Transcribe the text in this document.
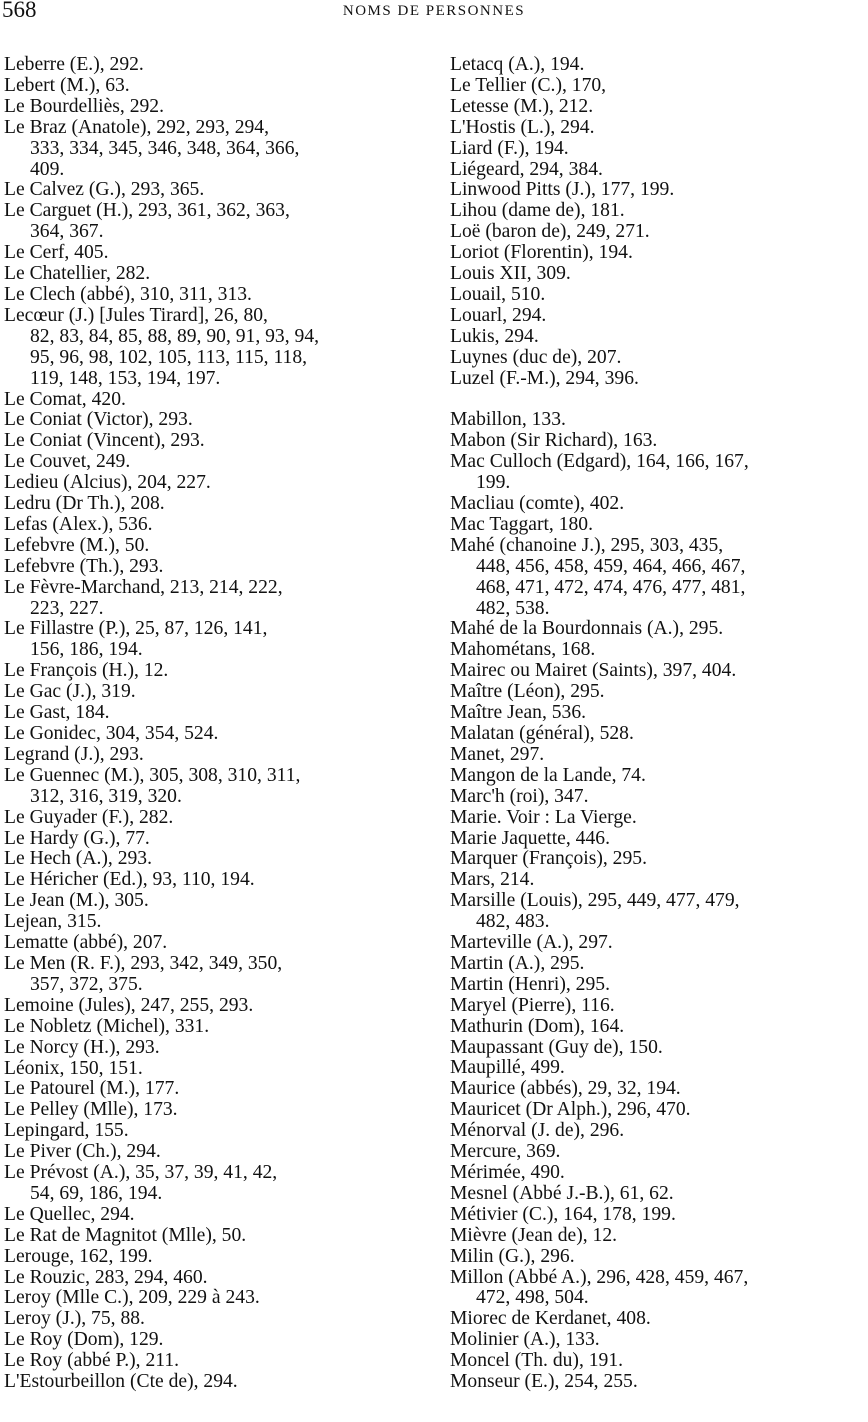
568	NOMS DE PERSONNES
Leberre (E.), 292.
Lebert (M.), 63.
Le Bourdelliès, 292.
Le Braz (Anatole), 292, 293, 294,
333, 334, 345, 346, 348, 364, 366,
409.
Le Calvez (G.), 293, 365.
Le Carguet (H.), 293, 361, 362, 363,
364, 367.
Le Cerf, 405.
Le Chatellier, 282.
Le Clech (abbé), 310, 311, 313.
Lecœur (J.) [Jules Tirard], 26, 80,
82, 83, 84, 85, 88, 89, 90, 91, 93, 94,
95, 96, 98, 102, 105, 113, 115, 118,
119, 148, 153, 194, 197.
Le Comat, 420.
Le Coniat (Victor), 293.
Le Coniat (Vincent), 293.
Le Couvet, 249.
Ledieu (Alcius), 204, 227.
Ledru (Dr Th.), 208.
Lefas (Alex.), 536.
Lefebvre (M.), 50.
Lefebvre (Th.), 293.
Le Fèvre-Marchand, 213, 214, 222,
223, 227.
Le Fillastre (P.), 25, 87, 126, 141,
156, 186, 194.
Le François (H.), 12.
Le Gac (J.), 319.
Le Gast, 184.
Le Gonidec, 304, 354, 524.
Legrand (J.), 293.
Le Guennec (M.), 305, 308, 310, 311,
312, 316, 319, 320.
Le Guyader (F.), 282.
Le Hardy (G.), 77.
Le Hech (A.), 293.
Le Héricher (Ed.), 93, 110, 194.
Le Jean (M.), 305.
Lejean, 315.
Lematte (abbé), 207.
Le Men (R. F.), 293, 342, 349, 350,
357, 372, 375.
Lemoine (Jules), 247, 255, 293.
Le Nobletz (Michel), 331.
Le Norcy (H.), 293.
Léonix, 150, 151.
Le Patourel (M.), 177.
Le Pelley (Mlle), 173.
Lepingard, 155.
Le Piver (Ch.), 294.
Le Prévost (A.), 35, 37, 39, 41, 42,
54, 69, 186, 194.
Le Quellec, 294.
Le Rat de Magnitot (Mlle), 50.
Lerouge, 162, 199.
Le Rouzic, 283, 294, 460.
Leroy (Mlle C.), 209, 229 à 243.
Leroy (J.), 75, 88.
Le Roy (Dom), 129.
Le Roy (abbé P.), 211.
L'Estourbeillon (Cte de), 294.
Letacq (A.), 194.
Le Tellier (C.), 170,
Letesse (M.), 212.
L'Hostis (L.), 294.
Liard (F.), 194.
Liégeard, 294, 384.
Linwood Pitts (J.), 177, 199.
Lihou (dame de), 181.
Loë (baron de), 249, 271.
Loriot (Florentin), 194.
Louis XII, 309.
Louail, 510.
Louarl, 294.
Lukis, 294.
Luynes (duc de), 207.
Luzel (F.-M.), 294, 396.
Mabillon, 133.
Mabon (Sir Richard), 163.
Mac Culloch (Edgard), 164, 166, 167,
199.
Macliau (comte), 402.
Mac Taggart, 180.
Mahé (chanoine J.), 295, 303, 435,
448, 456, 458, 459, 464, 466, 467,
468, 471, 472, 474, 476, 477, 481,
482, 538.
Mahé de la Bourdonnais (A.), 295.
Mahométans, 168.
Mairec ou Mairet (Saints), 397, 404.
Maître (Léon), 295.
Maître Jean, 536.
Malatan (général), 528.
Manet, 297.
Mangon de la Lande, 74.
Marc'h (roi), 347.
Marie. Voir : La Vierge.
Marie Jaquette, 446.
Marquer (François), 295.
Mars, 214.
Marsille (Louis), 295, 449, 477, 479,
482, 483.
Marteville (A.), 297.
Martin (A.), 295.
Martin (Henri), 295.
Maryel (Pierre), 116.
Mathurin (Dom), 164.
Maupassant (Guy de), 150.
Maupillé, 499.
Maurice (abbés), 29, 32, 194.
Mauricet (Dr Alph.), 296, 470.
Ménorval (J. de), 296.
Mercure, 369.
Mérimée, 490.
Mesnel (Abbé J.-B.), 61, 62.
Métivier (C.), 164, 178, 199.
Mièvre (Jean de), 12.
Milin (G.), 296.
Millon (Abbé A.), 296, 428, 459, 467,
472, 498, 504.
Miorec de Kerdanet, 408.
Molinier (A.), 133.
Moncel (Th. du), 191.
Monseur (E.), 254, 255.
